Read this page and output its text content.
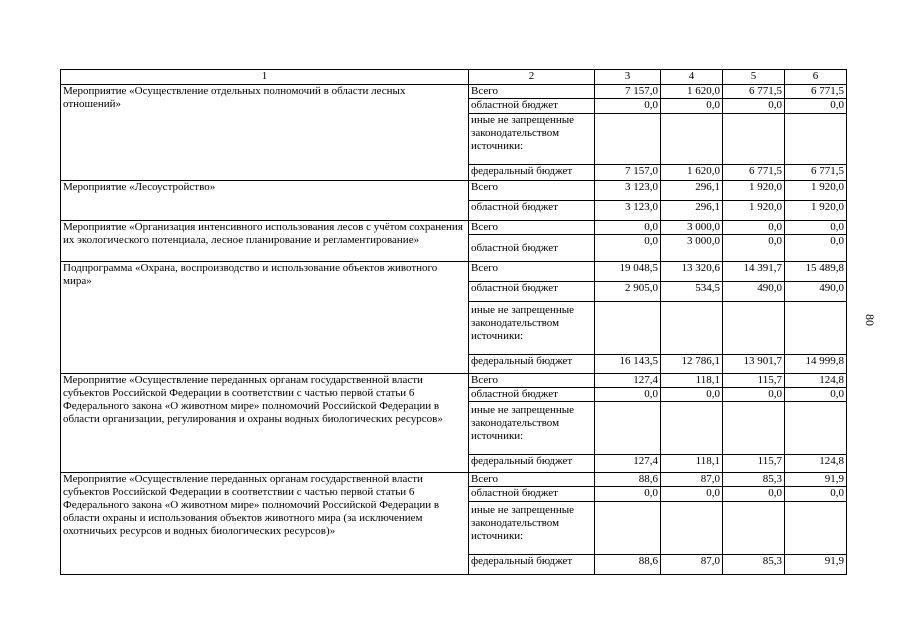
1	2	3	4	5	6
Мероприятие «Осуществление отдельных полномочий в области лесных отношений»	Всего	7 157,0	1 620,0	6 771,5	6 771,5
	областной бюджет	0,0	0,0	0,0	0,0
	иные не запрещенные законодательством источники:				
	федеральный бюджет	7 157,0	1 620,0	6 771,5	6 771,5
Мероприятие «Лесоустройство»	Всего	3 123,0	296,1	1 920,0	1 920,0
	областной бюджет	3 123,0	296,1	1 920,0	1 920,0
Мероприятие «Организация интенсивного использования лесов с учётом сохранения их экологического потенциала, лесное планирование и регламентирование»	Всего	0,0	3 000,0	0,0	0,0
	областной бюджет	0,0	3 000,0	0,0	0,0
Подпрограмма «Охрана, воспроизводство и использование объектов животного мира»	Всего	19 048,5	13 320,6	14 391,7	15 489,8
	областной бюджет	2 905,0	534,5	490,0	490,0
	иные не запрещенные законодательством источники:				
	федеральный бюджет	16 143,5	12 786,1	13 901,7	14 999,8
Мероприятие «Осуществление переданных органам государственной власти субъектов Российской Федерации в соответствии с частью первой статьи 6 Федерального закона «О животном мире» полномочий Российской Федерации в области организации, регулирования и охраны водных биологических ресурсов»	Всего	127,4	118,1	115,7	124,8
	областной бюджет	0,0	0,0	0,0	0,0
	иные не запрещенные законодательством источники:				
	федеральный бюджет	127,4	118,1	115,7	124,8
Мероприятие «Осуществление переданных органам государственной власти субъектов Российской Федерации в соответствии с частью первой статьи 6 Федерального закона «О животном мире» полномочий Российской Федерации в области охраны и использования объектов животного мира (за исключением охотничьих ресурсов и водных биологических ресурсов)»	Всего	88,6	87,0	85,3	91,9
	областной бюджет	0,0	0,0	0,0	0,0
	иные не запрещенные законодательством источники:				
	федеральный бюджет	88,6	87,0	85,3	91,9
80
